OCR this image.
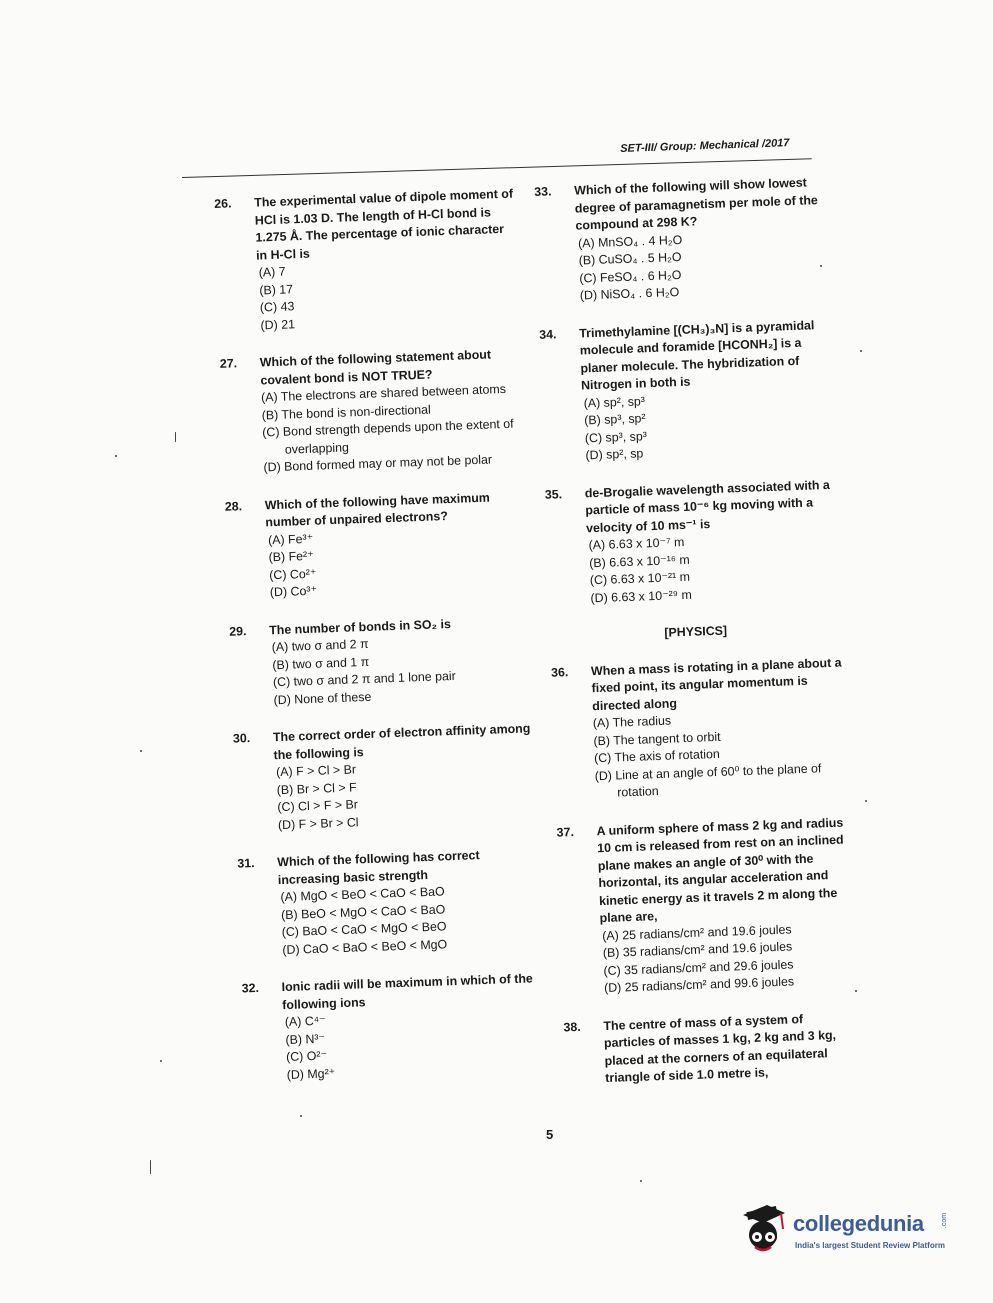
SET-III/ Group: Mechanical /2017
26. The experimental value of dipole moment of HCl is 1.03 D. The length of H-Cl bond is 1.275 Å. The percentage of ionic character in H-Cl is
(A) 7
(B) 17
(C) 43
(D) 21
27. Which of the following statement about covalent bond is NOT TRUE?
(A) The electrons are shared between atoms
(B) The bond is non-directional
(C) Bond strength depends upon the extent of overlapping
(D) Bond formed may or may not be polar
28. Which of the following have maximum number of unpaired electrons?
(A) Fe³⁺
(B) Fe²⁺
(C) Co²⁺
(D) Co³⁺
29. The number of bonds in SO₂ is
(A) two σ and 2 π
(B) two σ and 1 π
(C) two σ and 2 π and 1 lone pair
(D) None of these
30. The correct order of electron affinity among the following is
(A) F > Cl > Br
(B) Br > Cl > F
(C) Cl > F > Br
(D) F > Br > Cl
31. Which of the following has correct increasing basic strength
(A) MgO < BeO < CaO < BaO
(B) BeO < MgO < CaO < BaO
(C) BaO < CaO < MgO < BeO
(D) CaO < BaO < BeO < MgO
32. Ionic radii will be maximum in which of the following ions
(A) C⁴⁻
(B) N³⁻
(C) O²⁻
(D) Mg²⁺
33. Which of the following will show lowest degree of paramagnetism per mole of the compound at 298 K?
(A) MnSO₄ . 4 H₂O
(B) CuSO₄ . 5 H₂O
(C) FeSO₄ . 6 H₂O
(D) NiSO₄ . 6 H₂O
34. Trimethylamine [(CH₃)₃N] is a pyramidal molecule and foramide [HCONH₂] is a planer molecule. The hybridization of Nitrogen in both is
(A) sp², sp³
(B) sp³, sp²
(C) sp³, sp³
(D) sp², sp
35. de-Brogalie wavelength associated with a particle of mass 10⁻⁶ kg moving with a velocity of 10 ms⁻¹ is
(A) 6.63 x 10⁻⁷ m
(B) 6.63 x 10⁻¹⁶ m
(C) 6.63 x 10⁻²¹ m
(D) 6.63 x 10⁻²⁹ m
[PHYSICS]
36. When a mass is rotating in a plane about a fixed point, its angular momentum is directed along
(A) The radius
(B) The tangent to orbit
(C) The axis of rotation
(D) Line at an angle of 60⁰ to the plane of rotation
37. A uniform sphere of mass 2 kg and radius 10 cm is released from rest on an inclined plane makes an angle of 30⁰ with the horizontal, its angular acceleration and kinetic energy as it travels 2 m along the plane are,
(A) 25 radians/cm² and 19.6 joules
(B) 35 radians/cm² and 19.6 joules
(C) 35 radians/cm² and 29.6 joules
(D) 25 radians/cm² and 99.6 joules
38. The centre of mass of a system of particles of masses 1 kg, 2 kg and 3 kg, placed at the corners of an equilateral triangle of side 1.0 metre is,
5
collegedunia .com
India's largest Student Review Platform
